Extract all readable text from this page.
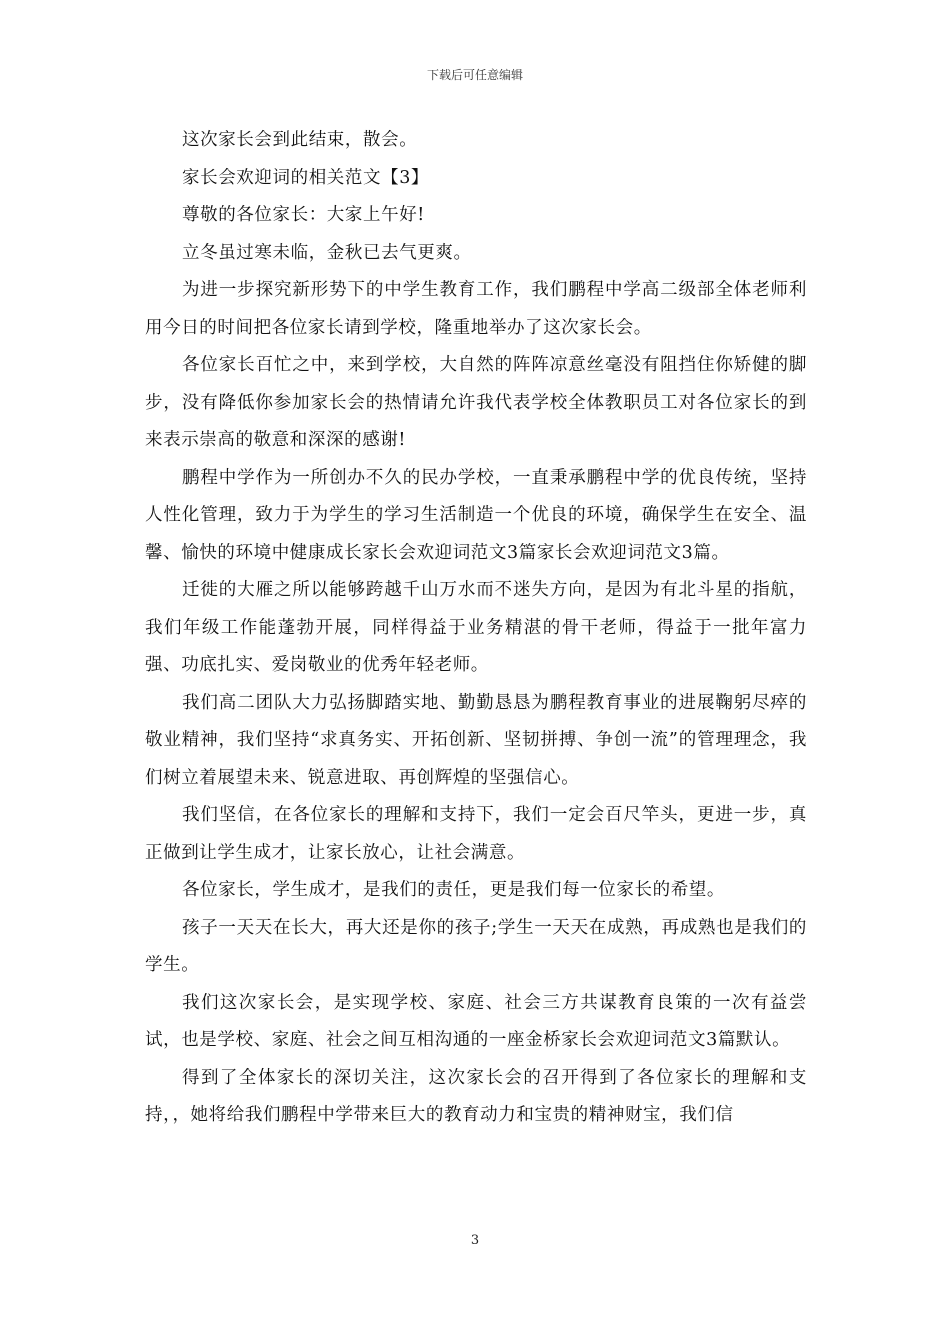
下载后可任意编辑

这次家长会到此结束，散会。

家长会欢迎词的相关范文【3】

尊敬的各位家长：大家上午好!

立冬虽过寒未临，金秋已去气更爽。

为进一步探究新形势下的中学生教育工作，我们鹏程中学高二级部全体老师利用今日的时间把各位家长请到学校，隆重地举办了这次家长会。

各位家长百忙之中，来到学校，大自然的阵阵凉意丝毫没有阻挡住你矫健的脚步，没有降低你参加家长会的热情请允许我代表学校全体教职员工对各位家长的到来表示崇高的敬意和深深的感谢!

鹏程中学作为一所创办不久的民办学校，一直秉承鹏程中学的优良传统，坚持人性化管理，致力于为学生的学习生活制造一个优良的环境，确保学生在安全、温馨、愉快的环境中健康成长家长会欢迎词范文3篇家长会欢迎词范文3篇。

迁徙的大雁之所以能够跨越千山万水而不迷失方向，是因为有北斗星的指航，我们年级工作能蓬勃开展，同样得益于业务精湛的骨干老师，得益于一批年富力强、功底扎实、爱岗敬业的优秀年轻老师。

我们高二团队大力弘扬脚踏实地、勤勤恳恳为鹏程教育事业的进展鞠躬尽瘁的敬业精神，我们坚持“求真务实、开拓创新、坚韧拼搏、争创一流”的管理理念，我们树立着展望未来、锐意进取、再创辉煌的坚强信心。

我们坚信，在各位家长的理解和支持下，我们一定会百尺竿头，更进一步，真正做到让学生成才，让家长放心，让社会满意。

各位家长，学生成才，是我们的责任，更是我们每一位家长的希望。

孩子一天天在长大，再大还是你的孩子;学生一天天在成熟，再成熟也是我们的学生。

我们这次家长会，是实现学校、家庭、社会三方共谋教育良策的一次有益尝试，也是学校、家庭、社会之间互相沟通的一座金桥家长会欢迎词范文3篇默认。

得到了全体家长的深切关注，这次家长会的召开得到了各位家长的理解和支持，，她将给我们鹏程中学带来巨大的教育动力和宝贵的精神财宝，我们信

3
